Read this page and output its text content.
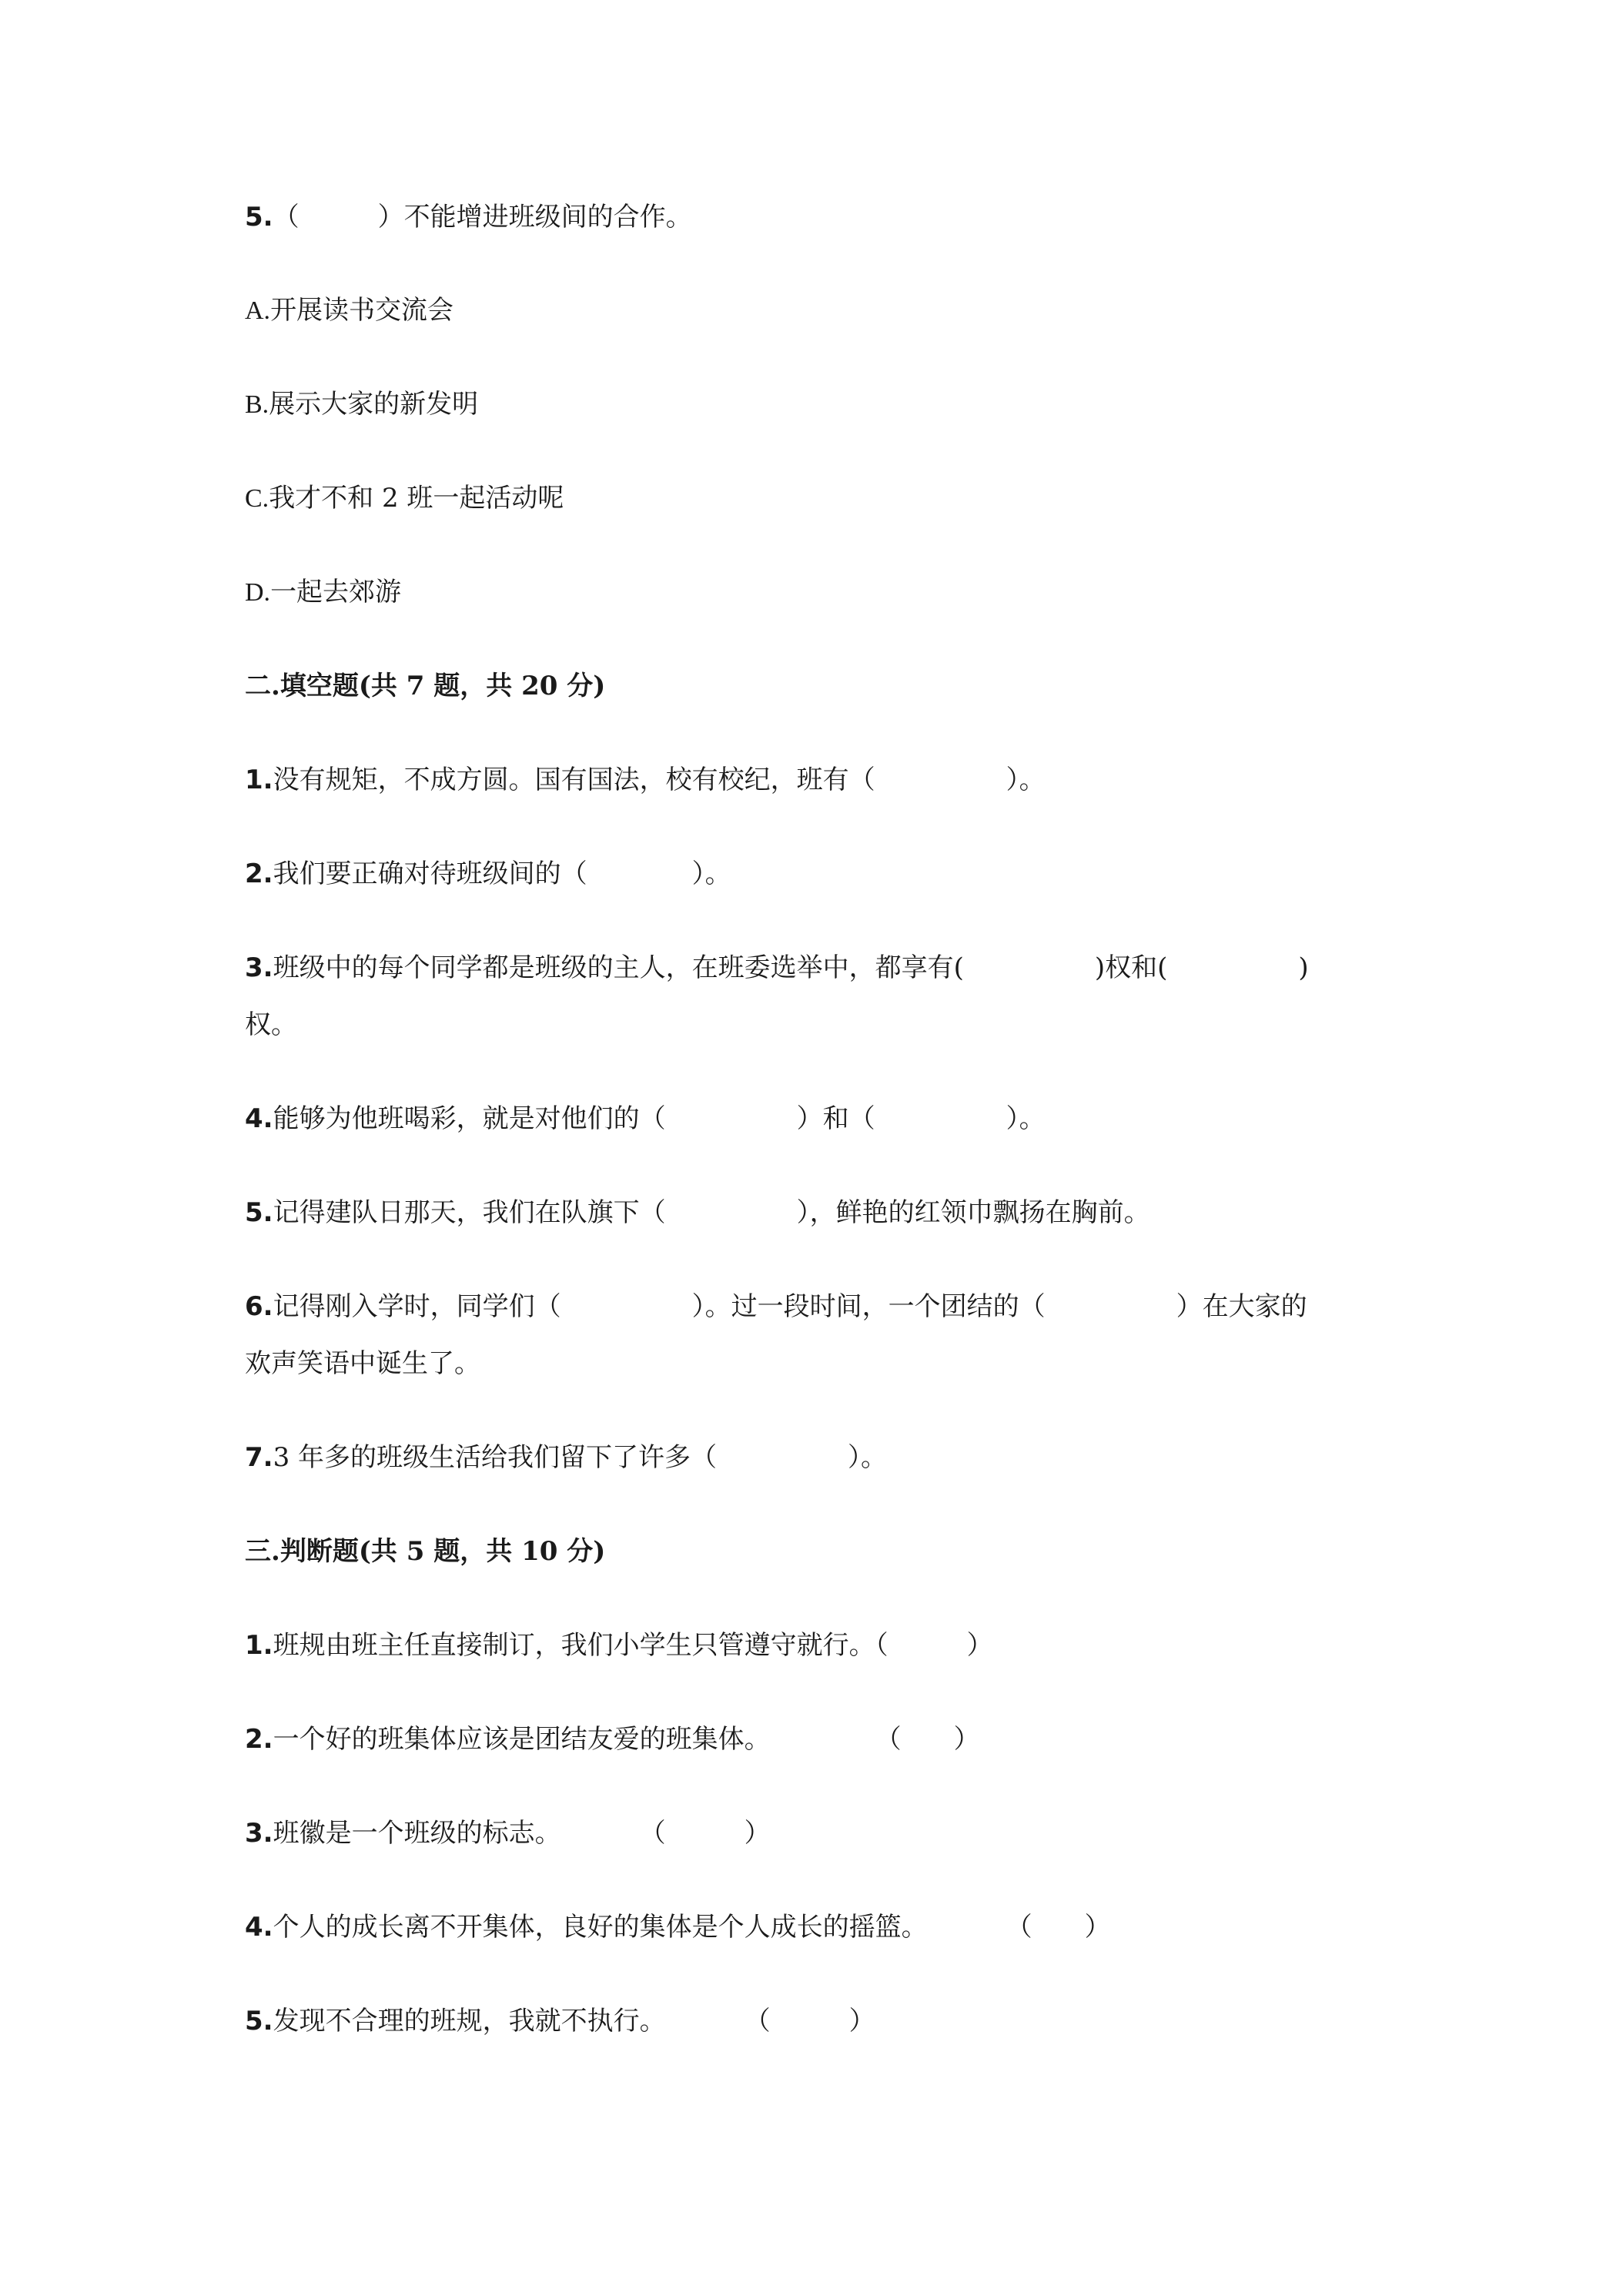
5.（　　　）不能增进班级间的合作。

A.开展读书交流会

B.展示大家的新发明

C.我才不和 2 班一起活动呢

D.一起去郊游

二.填空题(共 7 题，共 20 分)

1.没有规矩，不成方圆。国有国法，校有校纪，班有（　　　　　）。

2.我们要正确对待班级间的（　　　　）。

3.班级中的每个同学都是班级的主人，在班委选举中，都享有(　　　　　)权和(　　　　　)

权。

4.能够为他班喝彩，就是对他们的（　　　　　）和（　　　　　）。

5.记得建队日那天，我们在队旗下（　　　　　），鲜艳的红领巾飘扬在胸前。

6.记得刚入学时，同学们（　　　　　）。过一段时间，一个团结的（　　　　　）在大家的

欢声笑语中诞生了。

7.3 年多的班级生活给我们留下了许多（　　　　　）。

三.判断题(共 5 题，共 10 分)

1.班规由班主任直接制订，我们小学生只管遵守就行。（　　　）

2.一个好的班集体应该是团结友爱的班集体。　　　　　（　　）

3.班徽是一个班级的标志。　　　　（　　　）

4.个人的成长离不开集体，良好的集体是个人成长的摇篮。　　　　（　　）

5.发现不合理的班规，我就不执行。　　　　（　　　）
